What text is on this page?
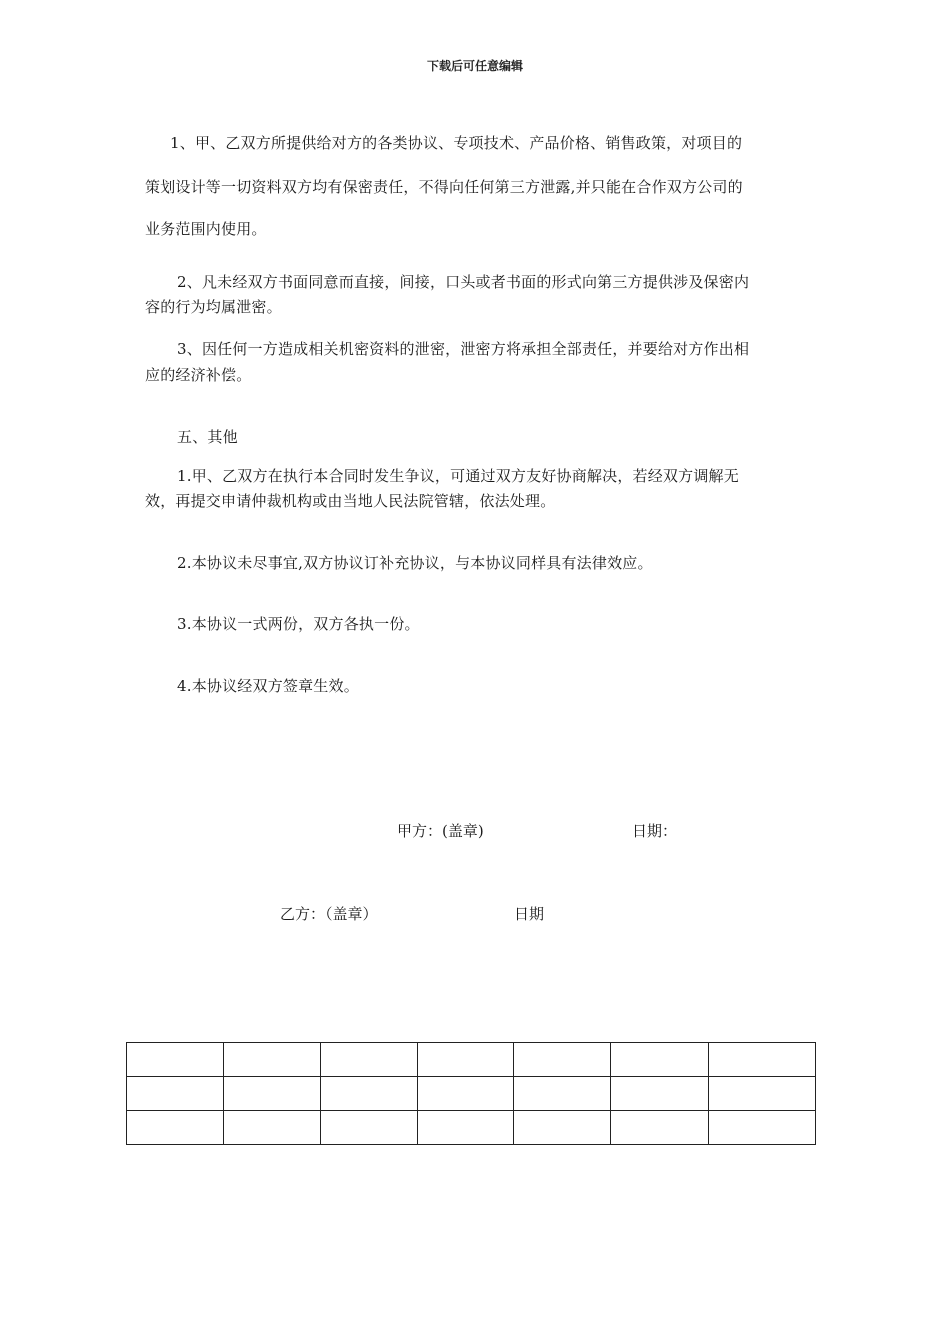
下载后可任意编辑
1、甲、乙双方所提供给对方的各类协议、专项技术、产品价格、销售政策，对项目的
策划设计等一切资料双方均有保密责任，不得向任何第三方泄露,并只能在合作双方公司的
业务范围内使用。
2、凡未经双方书面同意而直接，间接，口头或者书面的形式向第三方提供涉及保密内
容的行为均属泄密。
3、因任何一方造成相关机密资料的泄密，泄密方将承担全部责任，并要给对方作出相
应的经济补偿。
五、其他
1.甲、乙双方在执行本合同时发生争议，可通过双方友好协商解决，若经双方调解无
效，再提交申请仲裁机构或由当地人民法院管辖，依法处理。
2.本协议未尽事宜,双方协议订补充协议，与本协议同样具有法律效应。
3.本协议一式两份，双方各执一份。
4.本协议经双方签章生效。
甲方：(盖章)	日期：
乙方：（盖章）	日期
